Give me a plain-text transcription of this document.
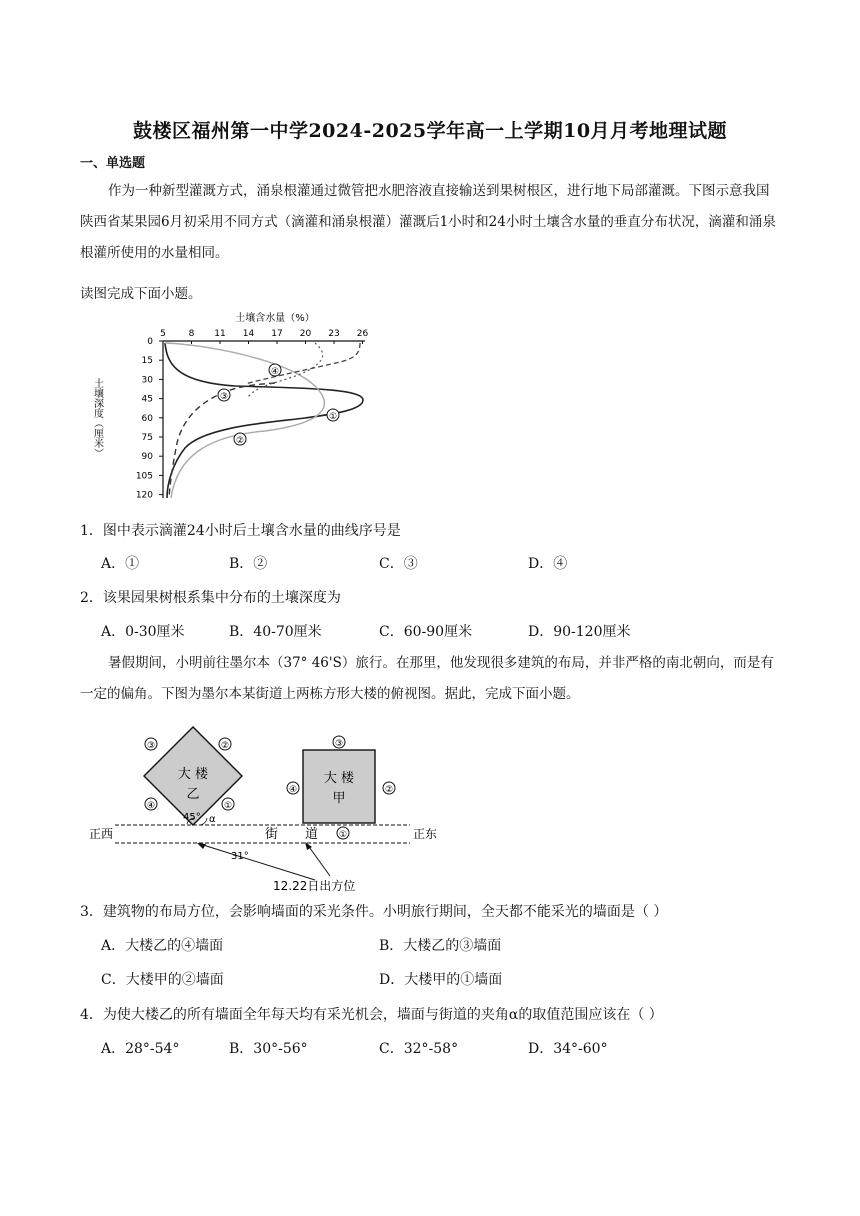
鼓楼区福州第一中学2024-2025学年高一上学期10月月考地理试题
一、单选题
作为一种新型灌溉方式，涌泉根灌通过微管把水肥溶液直接输送到果树根区，进行地下局部灌溉。下图示意我国陕西省某果园6月初采用不同方式（滴灌和涌泉根灌）灌溉后1小时和24小时土壤含水量的垂直分布状况，滴灌和涌泉根灌所使用的水量相同。
读图完成下面小题。
土壤含水量（%）
5	8 11 14 17 20 23 26
0
15
30
45
60
75
90
105
120
土壤深度（厘米）	①
②
③
④
1．图中表示滴灌24小时后土壤含水量的曲线序号是
A．①	B．②	C．③	D．④
2．该果园果树根系集中分布的土壤深度为
A．0-30厘米	B．40-70厘米	C．60-90厘米	D．90-120厘米
暑假期间，小明前往墨尔本（37° 46'S）旅行。在那里，他发现很多建筑的布局，并非严格的南北朝向，而是有一定的偏角。下图为墨尔本某街道上两栋方形大楼的俯视图。据此，完成下面小题。
大 楼
乙
大 楼
甲
③	②
④	①
③
④	②
①
45° α
正西	正东
街 道
31°
12.22日出方位
3．建筑物的布局方位，会影响墙面的采光条件。小明旅行期间，全天都不能采光的墙面是（ ）
A．大楼乙的④墙面	B．大楼乙的③墙面
C．大楼甲的②墙面	D．大楼甲的①墙面
4．为使大楼乙的所有墙面全年每天均有采光机会，墙面与街道的夹角α的取值范围应该在（ ）
A．28°-54°	B．30°-56°	C．32°-58°	D．34°-60°
